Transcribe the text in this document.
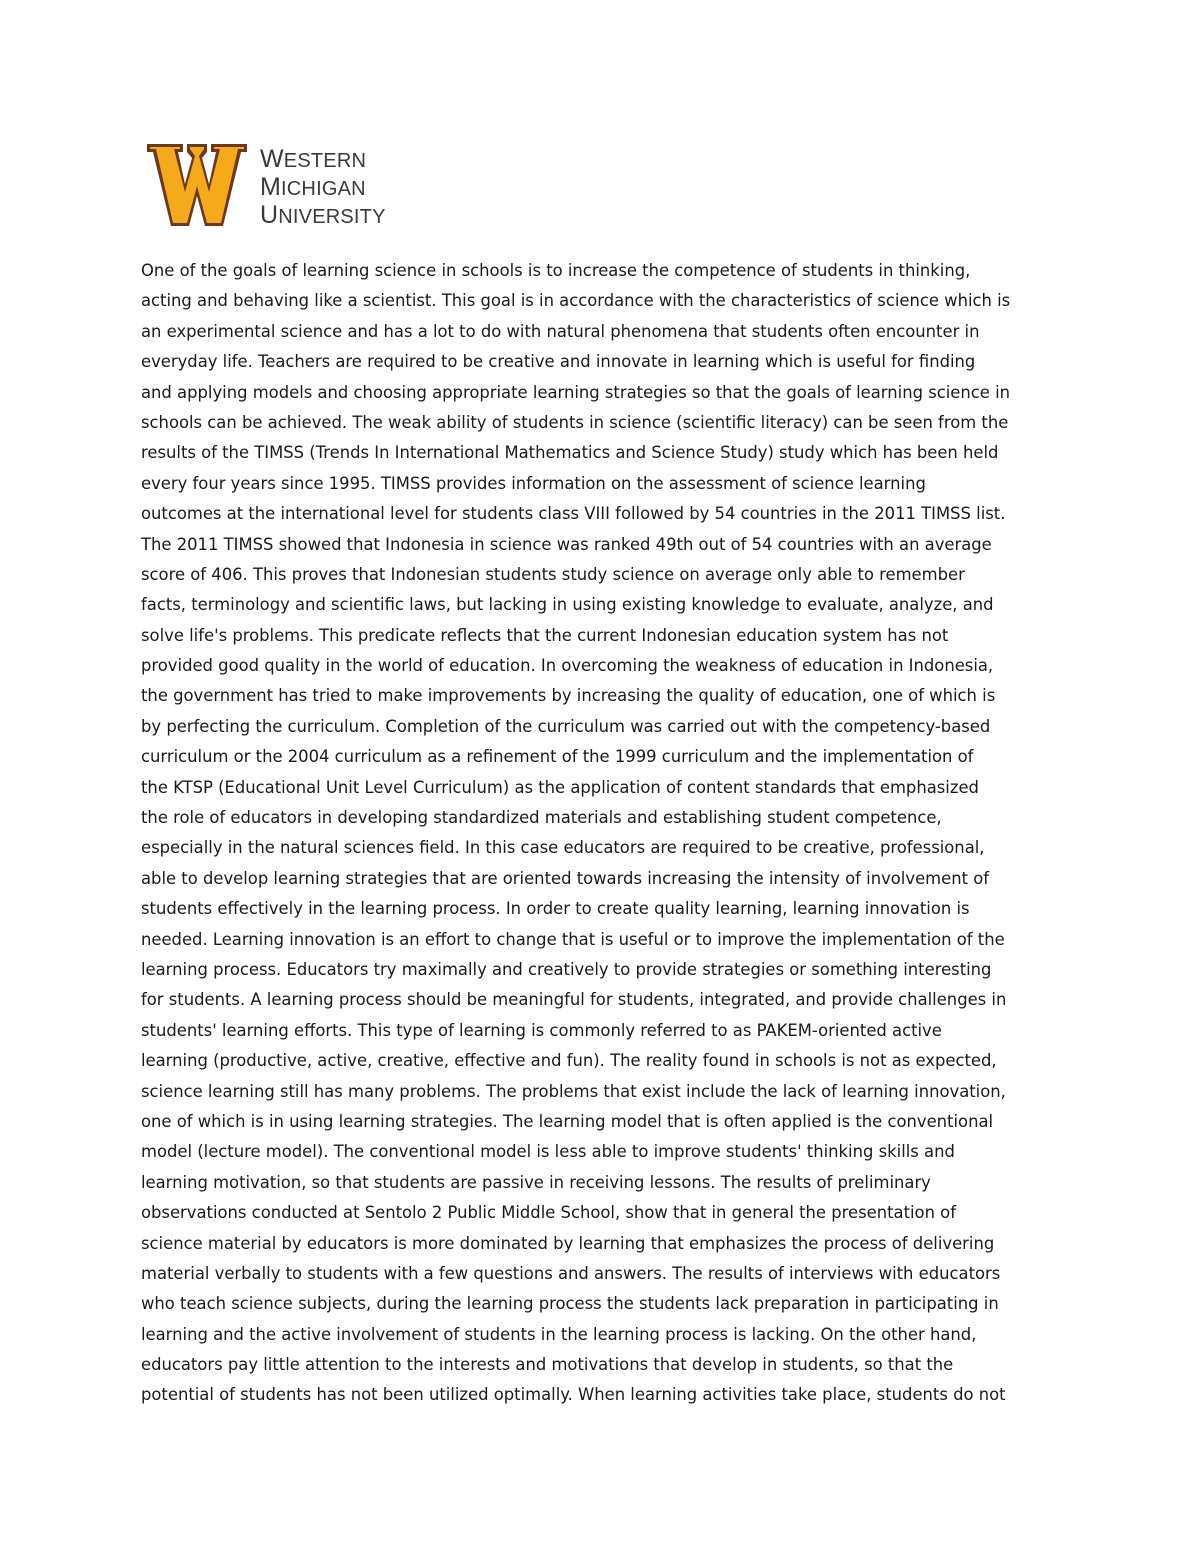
WESTERN
MICHIGAN
UNIVERSITY
One of the goals of learning science in schools is to increase the competence of students in thinking,
acting and behaving like a scientist. This goal is in accordance with the characteristics of science which is
an experimental science and has a lot to do with natural phenomena that students often encounter in
everyday life. Teachers are required to be creative and innovate in learning which is useful for finding
and applying models and choosing appropriate learning strategies so that the goals of learning science in
schools can be achieved. The weak ability of students in science (scientific literacy) can be seen from the
results of the TIMSS (Trends In International Mathematics and Science Study) study which has been held
every four years since 1995. TIMSS provides information on the assessment of science learning
outcomes at the international level for students class VIII followed by 54 countries in the 2011 TIMSS list.
The 2011 TIMSS showed that Indonesia in science was ranked 49th out of 54 countries with an average
score of 406. This proves that Indonesian students study science on average only able to remember
facts, terminology and scientific laws, but lacking in using existing knowledge to evaluate, analyze, and
solve life's problems. This predicate reflects that the current Indonesian education system has not
provided good quality in the world of education. In overcoming the weakness of education in Indonesia,
the government has tried to make improvements by increasing the quality of education, one of which is
by perfecting the curriculum. Completion of the curriculum was carried out with the competency-based
curriculum or the 2004 curriculum as a refinement of the 1999 curriculum and the implementation of
the KTSP (Educational Unit Level Curriculum) as the application of content standards that emphasized
the role of educators in developing standardized materials and establishing student competence,
especially in the natural sciences field. In this case educators are required to be creative, professional,
able to develop learning strategies that are oriented towards increasing the intensity of involvement of
students effectively in the learning process. In order to create quality learning, learning innovation is
needed. Learning innovation is an effort to change that is useful or to improve the implementation of the
learning process. Educators try maximally and creatively to provide strategies or something interesting
for students. A learning process should be meaningful for students, integrated, and provide challenges in
students' learning efforts. This type of learning is commonly referred to as PAKEM-oriented active
learning (productive, active, creative, effective and fun). The reality found in schools is not as expected,
science learning still has many problems. The problems that exist include the lack of learning innovation,
one of which is in using learning strategies. The learning model that is often applied is the conventional
model (lecture model). The conventional model is less able to improve students' thinking skills and
learning motivation, so that students are passive in receiving lessons. The results of preliminary
observations conducted at Sentolo 2 Public Middle School, show that in general the presentation of
science material by educators is more dominated by learning that emphasizes the process of delivering
material verbally to students with a few questions and answers. The results of interviews with educators
who teach science subjects, during the learning process the students lack preparation in participating in
learning and the active involvement of students in the learning process is lacking. On the other hand,
educators pay little attention to the interests and motivations that develop in students, so that the
potential of students has not been utilized optimally. When learning activities take place, students do not
